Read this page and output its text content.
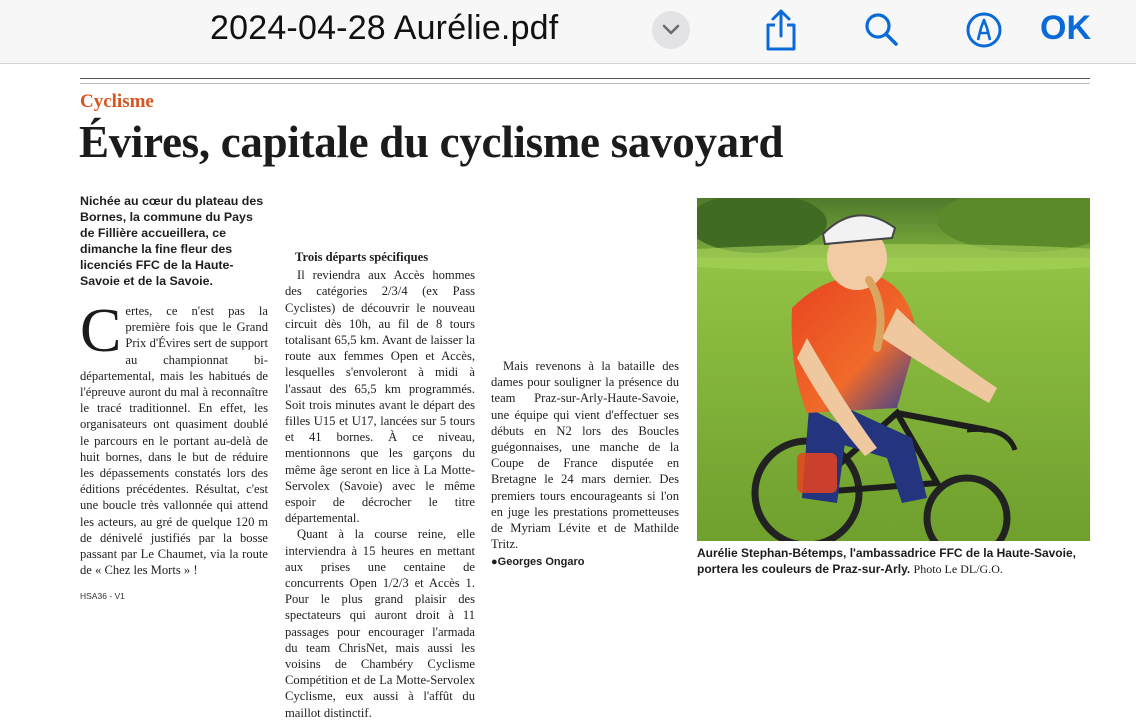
2024-04-28 Aurélie.pdf	OK
Cyclisme
Évires, capitale du cyclisme savoyard

Nichée au cœur du plateau des Bornes, la commune du Pays de Fillière accueillera, ce dimanche la fine fleur des licenciés FFC de la Haute-Savoie et de la Savoie.

Certes, ce n'est pas la première fois que le Grand Prix d'Évires sert de support au championnat bi-départemental, mais les habitués de l'épreuve auront du mal à reconnaître le tracé traditionnel. En effet, les organisateurs ont quasiment doublé le parcours en le portant au-delà de huit bornes, dans le but de réduire les dépassements constatés lors des éditions précédentes. Résultat, c'est une boucle très vallonnée qui attend les acteurs, au gré de quelque 120 m de dénivelé justifiés par la bosse passant par Le Chaumet, via la route de « Chez les Morts » !

Trois départs spécifiques

Il reviendra aux Accès hommes des catégories 2/3/4 (ex Pass Cyclistes) de découvrir le nouveau circuit dès 10h, au fil de 8 tours totalisant 65,5 km. Avant de laisser la route aux femmes Open et Accès, lesquelles s'envoleront à midi à l'assaut des 65,5 km programmés. Soit trois minutes avant le départ des filles U15 et U17, lancées sur 5 tours et 41 bornes. À ce niveau, mentionnons que les garçons du même âge seront en lice à La Motte-Servolex (Savoie) avec le même espoir de décrocher le titre départemental.

Quant à la course reine, elle interviendra à 15 heures en mettant aux prises une centaine de concurrents Open 1/2/3 et Accès 1. Pour le plus grand plaisir des spectateurs qui auront droit à 11 passages pour encourager l'armada du team ChrisNet, mais aussi les voisins de Chambéry Cyclisme Compétition et de La Motte-Servolex Cyclisme, eux aussi à l'affût du maillot distinctif.

Mais revenons à la bataille des dames pour souligner la présence du team Praz-sur-Arly-Haute-Savoie, une équipe qui vient d'effectuer ses débuts en N2 lors des Boucles guégonnaises, une manche de la Coupe de France disputée en Bretagne le 24 mars dernier. Des premiers tours encourageants si l'on en juge les prestations prometteuses de Myriam Lévite et de Mathilde Tritz.

●Georges Ongaro
Aurélie Stephan-Bétemps, l'ambassadrice FFC de la Haute-Savoie, portera les couleurs de Praz-sur-Arly. Photo Le DL/G.O.
HSA36 - V1
